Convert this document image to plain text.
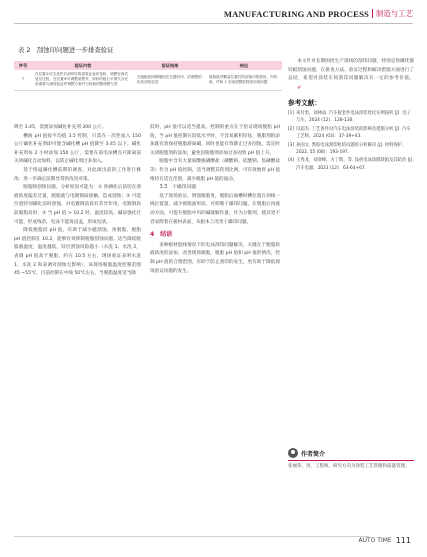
MANUFACTURING AND PROCESS 制造与工艺
表 2　刮蚀印问题进一步排查验证
序号	验证内容	验证结果	结论
7	在位置①试支盖件后刮印结的部验证表印及粉，调整在两次复位比较，在位置⑤可调整前整齐，即转的板石平滑气否在前重要与测验验证件调整方案并与较间的整调整与差	无板粮胶固额增现在位置的印，依调整的化验部验验是	斑脱段对颗量位置钉的刮蚀印的提设，内效改，件和 1 至表面整粒特刮后段问题

降至 3.45，需要添加碱化补充剂 300 公斤。

槽液 pH 值按平均值 3.5 控制，只需在一次性加入 150 公斤碱化补充剂即可使含碱化槽 pH 值降至 3.45 以下。碱化补充剂每 2 小时添加 150 公斤，需要在前电泳槽点开卸离前关闭碱化自动加料，以防止碱化剂过多加入。

基于络锰磷化槽前期的调查，对此调出前的工作进行修改：进一步确定前期异常的改进对策。

脱脂除刮蚀问题，分析原因可能为：① 预磷化后前切在溶液浓度偏差过量，脱脂液与电镀钢质接触，造成刮蚀；② 可能位置特别磷化前时刮蚀，对电镀钢前段有差异作用，电镀钢段前脱脂高时；③ 当 pH 值 > 10.2 时，温度较高，碱前强化过可能，形成残余，电泳不能再浸盖，形成电渍。

降低脱脂段 pH 值，有助于减少磁刮蚀。预脱脂、脱脂 pH 值控制在 10.2，能够有效抑制脱脂刮蚀问题。适当降低脱脂液温度，温度越低，锌层刮蚀风险越小（水洗 1、水洗 2，表调 pH 值高于脱脂，约在 10.5 左右，现场验证表明水洗 1、水洗 2 和表调对刮蚀无影响），该现场脱脂温度控制范围 45 ~55℃，目前控制在中线 50℃左右，当脱脂温度适当降

低时，pH 值可以适当提高。控制的重点在于验证现场脱脂 pH 值，当 pH 值控制在较低水平时，不容易累积锌盐，脱脂剂的添加既有效保持脱脂游离碱，同时也能有效降止过多刮蚀，需定时关闭脱脂剂的添加，避免因脱脂剂添加过多而致 pH 值上升。

脱脂中含有大量弱酸根磷酸盐（磷酸钠、硅酸钠、焦磷酸盐等）作为 pH 值控制，适当调整其药剂比例，可有效地将 pH 值维持在适宜范围，减少脱脂 pH 值的波动。

3.3　干燥印问题

基于现场验证，增强脱脂度，脱脂后通槽时槽位置在刻线一线位置量，减少被脱油形前，可抑制干燥印问题。在脱脂后再流动方面，可提升脱脂中内的碱液解作量，作为分散剂，使其更不容易附着在板材表面，从根本上改善干燥印问题。

4　结语

多种板材混线情况下的电泳刮印问题解决，关键在于脱脂段液浓度的添加，改善现场脱脂，脱脂 pH 值和 pH 值的情况，控制 pH 值的合理范围，有助于防止刮印的发生，更有助于降低现场验证问题的发生。

本文针对长期困扰生产现场的刮印问题，特别是预磷化镀锌板刮蚀问题，在排查方法、验证过程和解决措施方面进行了总结，希望对涂装车间刮印问题解决有一定的参考价值。✐

参考文献：
[1] 朱付勇，刘林雨. 汽车板金件电泳涂装优化实例探析 [J]. 电子与车，2024 (12)：128-130.
[2] 闫超杰. 工艺条件对汽车电泳涂装的影响及措施分析 [J]. 汽车工艺师，2024 (03)：37-39+43.
[3] 孙国文. 然胶电泳刮印粒结问题的分析解决 [J]. 材料保护，2022, 55 (08)：193-197.
[4] 王秀龙，刘效峰，方丁辉，等. 浅析电泳涂膜缺陷及其防治 [J]. 汽车电器，2023 (12)：63-64+67.
作者简介
张丽荣，男，工程师，研究方向为涂装工艺管理和质量管理。
AUTO TIME 111
